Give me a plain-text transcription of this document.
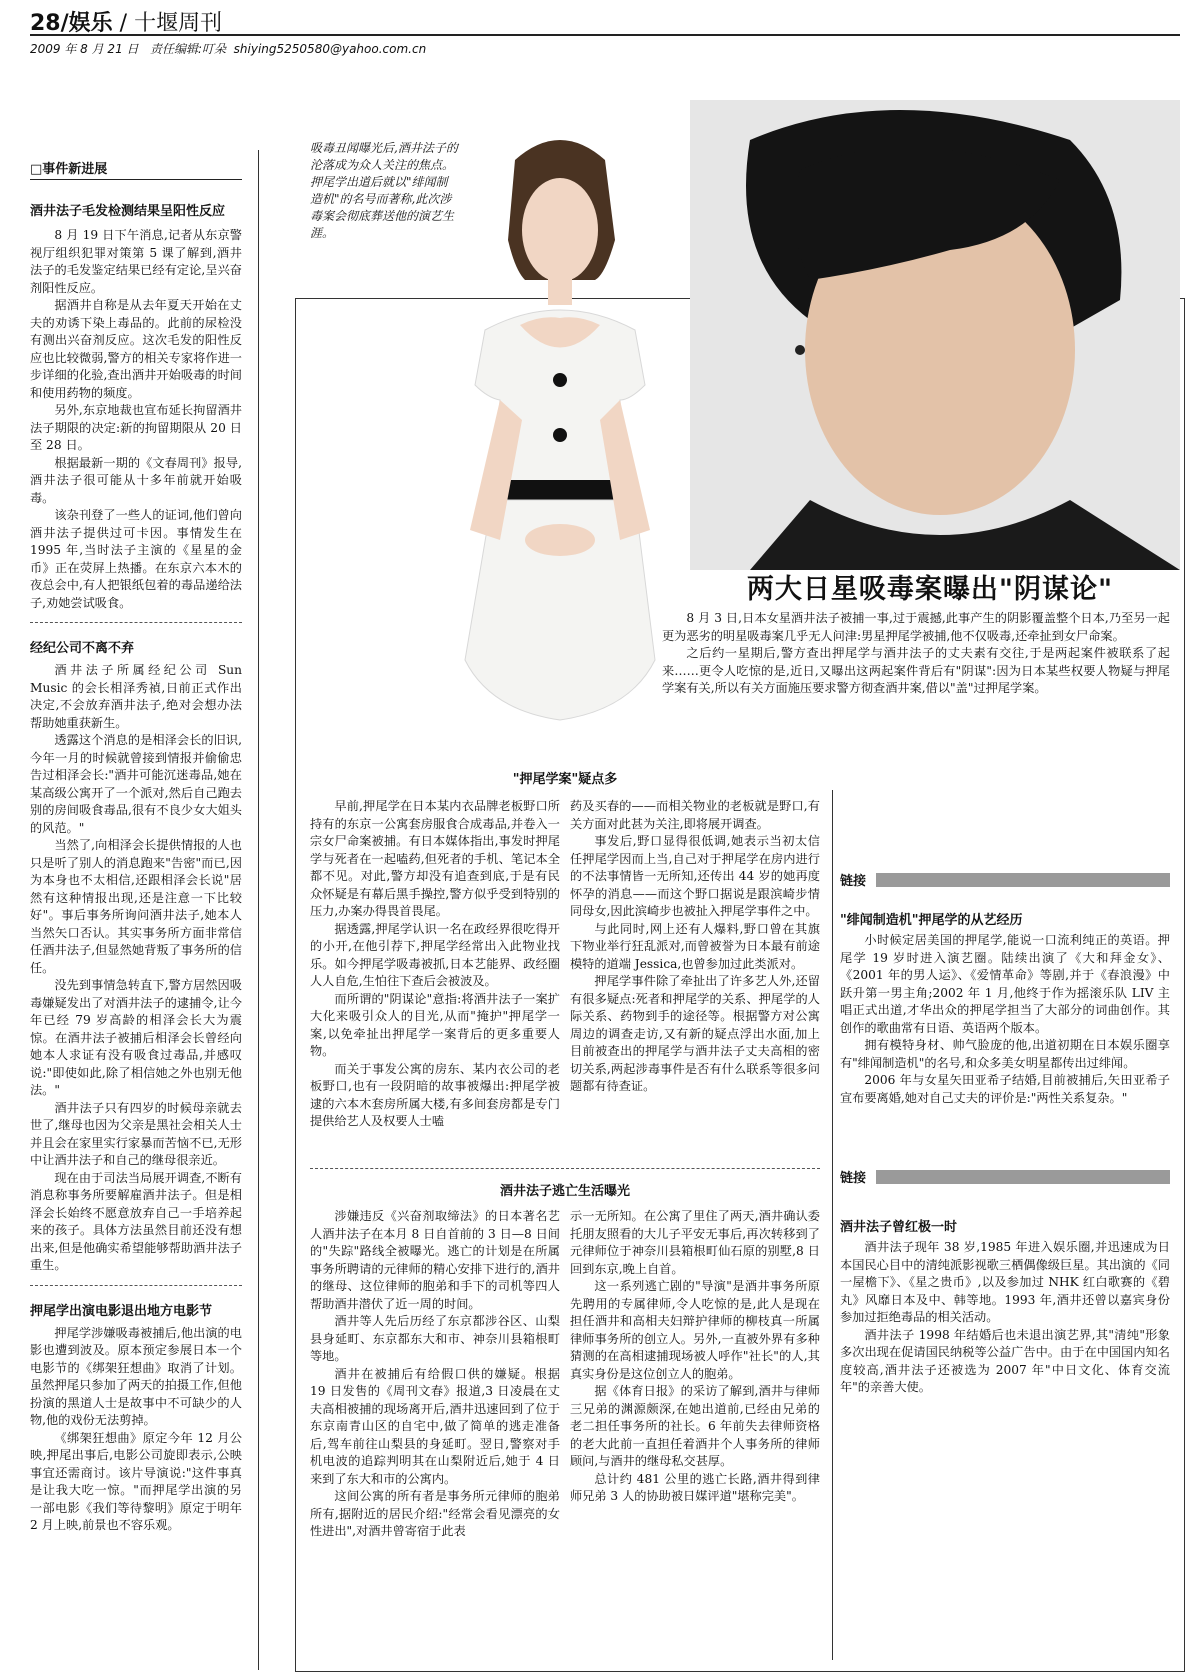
28/娱乐 / 十堰周刊
2009 年 8 月 21 日 责任编辑:叮朵 shiying5250580@yahoo.com.cn
□事件新进展
酒井法子毛发检测结果呈阳性反应

8 月 19 日下午消息,记者从东京警视厅组织犯罪对策第 5 课了解到,酒井法子的毛发鉴定结果已经有定论,呈兴奋剂阳性反应。

据酒井自称是从去年夏天开始在丈夫的劝诱下染上毒品的。此前的尿检没有测出兴奋剂反应。这次毛发的阳性反应也比较微弱,警方的相关专家将作进一步详细的化验,查出酒井开始吸毒的时间和使用药物的频度。

另外,东京地裁也宣布延长拘留酒井法子期限的决定:新的拘留期限从 20 日至 28 日。

根据最新一期的《文春周刊》报导,酒井法子很可能从十多年前就开始吸毒。

该杂刊登了一些人的证词,他们曾向酒井法子提供过可卡因。事情发生在 1995 年,当时法子主演的《星星的金币》正在荧屏上热播。在东京六本木的夜总会中,有人把银纸包着的毒品递给法子,劝她尝试吸食。

经纪公司不离不弃

酒井法子所属经纪公司 Sun Music 的会长相泽秀禎,日前正式作出决定,不会放弃酒井法子,绝对会想办法帮助她重获新生。

透露这个消息的是相泽会长的旧识,今年一月的时候就曾接到情报并偷偷忠告过相泽会长:"酒井可能沉迷毒品,她在某高级公寓开了一个派对,然后自己跑去别的房间吸食毒品,很有不良少女大姐头的风范。"

当然了,向相泽会长提供情报的人也只是听了别人的消息跑来"告密"而已,因为本身也不太相信,还跟相泽会长说"居然有这种情报出现,还是注意一下比较好"。事后事务所询问酒井法子,她本人当然矢口否认。其实事务所方面非常信任酒井法子,但显然她背叛了事务所的信任。

没先到事情急转直下,警方居然因吸毒嫌疑发出了对酒井法子的逮捕令,让今年已经 79 岁高龄的相泽会长大为震惊。在酒井法子被捕后相泽会长曾经向她本人求证有没有吸食过毒品,并感叹说:"即使如此,除了相信她之外也别无他法。"

酒井法子只有四岁的时候母亲就去世了,继母也因为父亲是黑社会相关人士并且会在家里实行家暴而苦恼不已,无形中让酒井法子和自己的继母很亲近。

现在由于司法当局展开调查,不断有消息称事务所要解雇酒井法子。但是相泽会长始终不愿意放弃自己一手培养起来的孩子。具体方法虽然目前还没有想出来,但是他确实希望能够帮助酒井法子重生。

押尾学出演电影退出地方电影节

押尾学涉嫌吸毒被捕后,他出演的电影也遭到波及。原本预定参展日本一个电影节的《绑架狂想曲》取消了计划。虽然押尾只参加了两天的拍摄工作,但他扮演的黑道人士是故事中不可缺少的人物,他的戏份无法剪掉。

《绑架狂想曲》原定今年 12 月公映,押尾出事后,电影公司旋即表示,公映事宜还需商讨。该片导演说:"这件事真是让我大吃一惊。"而押尾学出演的另一部电影《我们等待黎明》原定于明年 2 月上映,前景也不容乐观。

吸毒丑闻曝光后,酒井法子的沦落成为众人关注的焦点。押尾学出道后就以"绯闻制造机"的名号而著称,此次涉毒案会彻底葬送他的演艺生涯。
两大日星吸毒案曝出"阴谋论"

8 月 3 日,日本女星酒井法子被捕一事,过于震撼,此事产生的阴影覆盖整个日本,乃至另一起更为恶劣的明星吸毒案几乎无人问津:男星押尾学被捕,他不仅吸毒,还牵扯到女尸命案。

之后约一星期后,警方查出押尾学与酒井法子的丈夫素有交往,于是两起案件被联系了起来……更令人吃惊的是,近日,又曝出这两起案件背后有"阴谋":因为日本某些权要人物疑与押尾学案有关,所以有关方面施压要求警方彻查酒井案,借以"盖"过押尾学案。

"押尾学案"疑点多

早前,押尾学在日本某内衣品牌老板野口所持有的东京一公寓套房服食合成毒品,并卷入一宗女尸命案被捕。有日本媒体指出,事发时押尾学与死者在一起嗑药,但死者的手机、笔记本全都不见。对此,警方却没有追查到底,于是有民众怀疑是有幕后黑手操控,警方似乎受到特别的压力,办案办得畏首畏尾。

据透露,押尾学认识一名在政经界很吃得开的小开,在他引荐下,押尾学经常出入此物业找乐。如今押尾学吸毒被抓,日本艺能界、政经圈人人自危,生怕往下查后会被波及。

而所谓的"阴谋论"意指:将酒井法子一案扩大化来吸引众人的目光,从而"掩护"押尾学一案,以免牵扯出押尾学一案背后的更多重要人物。

而关于事发公寓的房东、某内衣公司的老板野口,也有一段阴暗的故事被爆出:押尾学被逮的六本木套房所属大楼,有多间套房都是专门提供给艺人及权要人士嗑

药及买春的——而相关物业的老板就是野口,有关方面对此甚为关注,即将展开调查。

事发后,野口显得很低调,她表示当初太信任押尾学因而上当,自己对于押尾学在房内进行的不法事情皆一无所知,还传出 44 岁的她再度怀孕的消息——而这个野口据说是跟滨崎步情同母女,因此滨崎步也被扯入押尾学事件之中。

与此同时,网上还有人爆料,野口曾在其旗下物业举行狂乱派对,而曾被誉为日本最有前途模特的道端 Jessica,也曾参加过此类派对。

押尾学事件除了牵扯出了许多艺人外,还留有很多疑点:死者和押尾学的关系、押尾学的人际关系、药物到手的途径等。根据警方对公寓周边的调查走访,又有新的疑点浮出水面,加上目前被查出的押尾学与酒井法子丈夫高相的密切关系,两起涉毒事件是否有什么联系等很多问题都有待查证。

酒井法子逃亡生活曝光

涉嫌违反《兴奋剂取缔法》的日本著名艺人酒井法子在本月 8 日自首前的 3 日—8 日间的"失踪"路线全被曝光。逃亡的计划是在所属事务所聘请的元律师的精心安排下进行的,酒井的继母、这位律师的胞弟和手下的司机等四人帮助酒井潜伏了近一周的时间。

酒井等人先后历经了东京都涉谷区、山梨县身延町、东京都东大和市、神奈川县箱根町等地。

酒井在被捕后有给假口供的嫌疑。根据 19 日发售的《周刊文春》报道,3 日凌晨在丈夫高相被捕的现场离开后,酒井迅速回到了位于东京南青山区的自宅中,做了简单的逃走准备后,驾车前往山梨县的身延町。翌日,警察对手机电波的追踪判明其在山梨附近后,她于 4 日来到了东大和市的公寓内。

这间公寓的所有者是事务所元律师的胞弟所有,据附近的居民介绍:"经常会看见漂亮的女性进出",对酒井曾寄宿于此表

示一无所知。在公寓了里住了两天,酒井确认委托朋友照看的大儿子平安无事后,再次转移到了元律师位于神奈川县箱根町仙石原的别墅,8 日回到东京,晚上自首。

这一系列逃亡剧的"导演"是酒井事务所原先聘用的专属律师,令人吃惊的是,此人是现在担任酒井和高相夫妇辩护律师的柳枝真一所属律师事务所的创立人。另外,一直被外界有多种猜测的在高相逮捕现场被人呼作"社长"的人,其真实身份是这位创立人的胞弟。

据《体育日报》的采访了解到,酒井与律师三兄弟的渊源颇深,在她出道前,已经由兄弟的老二担任事务所的社长。6 年前失去律师资格的老大此前一直担任着酒井个人事务所的律师顾问,与酒井的继母私交甚厚。

总计约 481 公里的逃亡长路,酒井得到律师兄弟 3 人的协助被日媒评道"堪称完美"。

链接
"绯闻制造机"押尾学的从艺经历

小时候定居美国的押尾学,能说一口流利纯正的英语。押尾学 19 岁时进入演艺圈。陆续出演了《大和拜金女》、《2001 年的男人运》、《爱情革命》等剧,并于《春浪漫》中跃升第一男主角;2002 年 1 月,他终于作为摇滚乐队 LIV 主唱正式出道,才华出众的押尾学担当了大部分的词曲创作。其创作的歌曲常有日语、英语两个版本。

拥有模特身材、帅气脸庞的他,出道初期在日本娱乐圈享有"绯闻制造机"的名号,和众多美女明星都传出过绯闻。

2006 年与女星矢田亚希子结婚,目前被捕后,矢田亚希子宣布要离婚,她对自己丈夫的评价是:"两性关系复杂。"

链接
酒井法子曾红极一时

酒井法子现年 38 岁,1985 年进入娱乐圈,并迅速成为日本国民心目中的清纯派影视歌三栖偶像级巨星。其出演的《同一屋檐下》、《星之贵币》,以及参加过 NHK 红白歌赛的《碧丸》风靡日本及中、韩等地。1993 年,酒井还曾以嘉宾身份参加过拒绝毒品的相关活动。

酒井法子 1998 年结婚后也未退出演艺界,其"清纯"形象多次出现在促请国民纳税等公益广告中。由于在中国国内知名度较高,酒井法子还被选为 2007 年"中日文化、体育交流年"的亲善大使。
